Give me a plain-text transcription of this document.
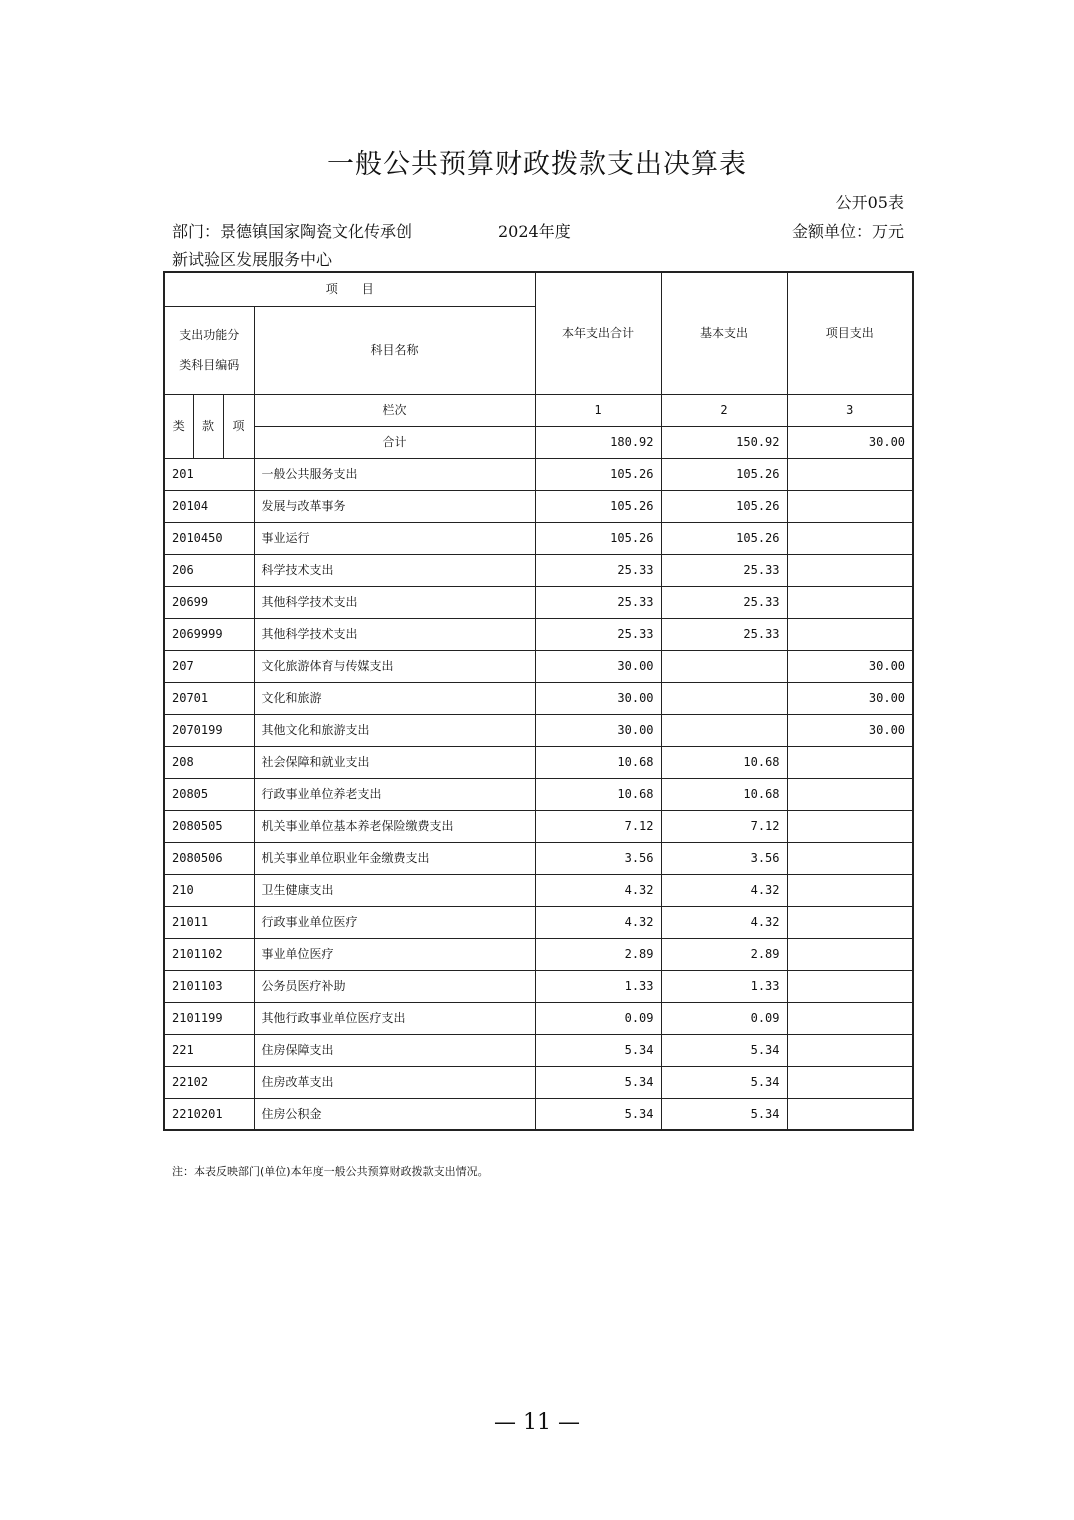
一般公共预算财政拨款支出决算表
公开05表
部门：景德镇国家陶瓷文化传承创	2024年度	金额单位：万元
新试验区发展服务中心
项　　目				本年支出合计	基本支出	项目支出
支出功能分类科目编码			科目名称			
类	款	项	栏次	1	2	3
			合计	180.92	150.92	30.00
201			一般公共服务支出	105.26	105.26	
20104			发展与改革事务	105.26	105.26	
2010450			事业运行	105.26	105.26	
206			科学技术支出	25.33	25.33	
20699			其他科学技术支出	25.33	25.33	
2069999			其他科学技术支出	25.33	25.33	
207			文化旅游体育与传媒支出	30.00		30.00
20701			文化和旅游	30.00		30.00
2070199			其他文化和旅游支出	30.00		30.00
208			社会保障和就业支出	10.68	10.68	
20805			行政事业单位养老支出	10.68	10.68	
2080505			机关事业单位基本养老保险缴费支出	7.12	7.12	
2080506			机关事业单位职业年金缴费支出	3.56	3.56	
210			卫生健康支出	4.32	4.32	
21011			行政事业单位医疗	4.32	4.32	
2101102			事业单位医疗	2.89	2.89	
2101103			公务员医疗补助	1.33	1.33	
2101199			其他行政事业单位医疗支出	0.09	0.09	
221			住房保障支出	5.34	5.34	
22102			住房改革支出	5.34	5.34	
2210201			住房公积金	5.34	5.34	
注：本表反映部门(单位)本年度一般公共预算财政拨款支出情况。
— 11 —
